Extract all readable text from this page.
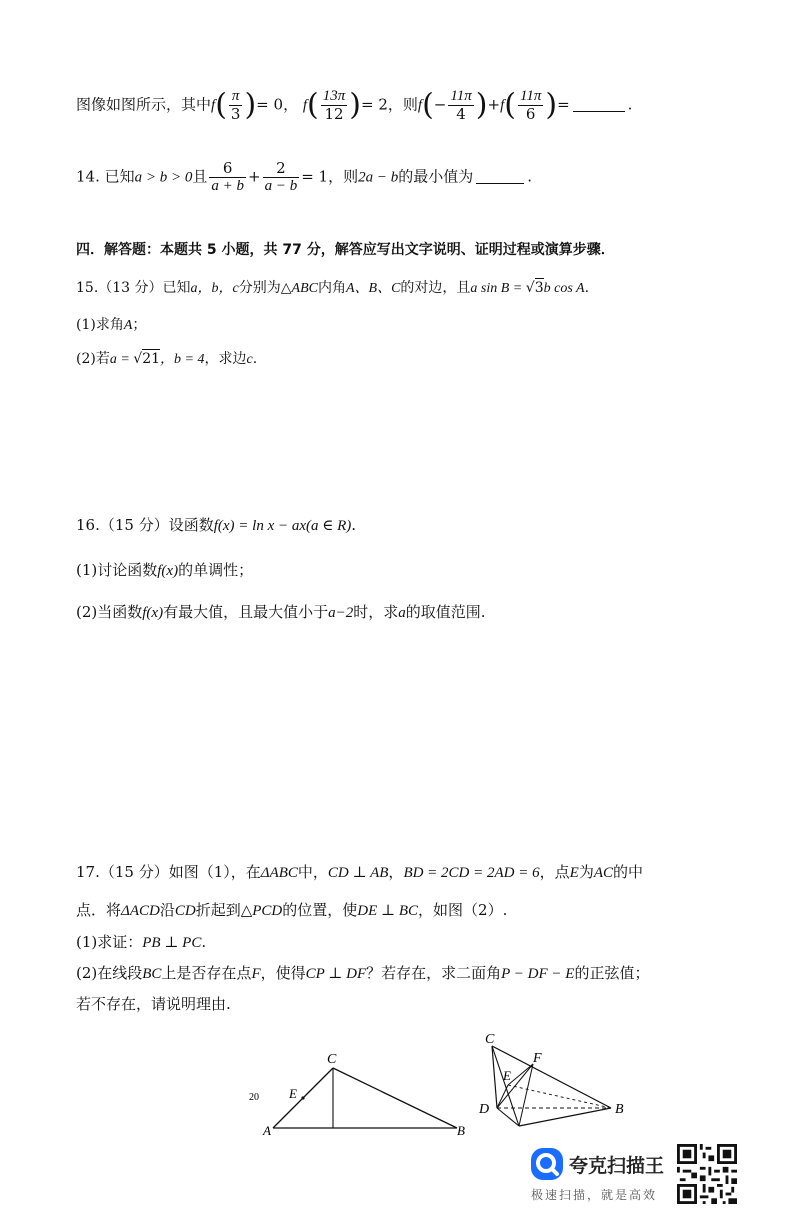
图像如图所示，其中$f( \frac{\pi}{3}$ )= 0， $f( \frac{13\pi}{12}$ )= 2，则$f(- \frac{11\pi}{4} )+f( \frac{11\pi}{6}$ )=	.
14. 已知a > b > 0且 $\frac{6}{a + b} + \frac{2}{a - b} = 1$，则2a − b的最小值为	.
四．解答题：本题共 5 小题，共 77 分，解答应写出文字说明、证明过程或演算步骤．
15.（13 分）已知a，b，c分别为△ABC内角A、B、C的对边，且a sin B = √3b cos A.
(1)求角A；
(2)若a = √21，b = 4，求边c.
16.（15 分）设函数f(x) = ln x − ax(a ∈ R).
(1)讨论函数f(x)的单调性；
(2)当函数f(x)有最大值，且最大值小于a−2时，求a的取值范围.
17.（15 分）如图（1），在ΔABC中，CD ⊥ AB，BD = 2CD = 2AD = 6，点E为AC的中
点．将ΔACD沿CD折起到△PCD的位置，使DE ⊥ BC，如图（2）.
(1)求证：PB ⊥ PC.
(2)在线段BC上是否存在点F，使得CP ⊥ DF？若存在，求二面角P − DF − E的正弦值；
若不存在，请说明理由.
C
E
A	B
20
C
F
E
D	B
夸克扫描王
极速扫描，就是高效
